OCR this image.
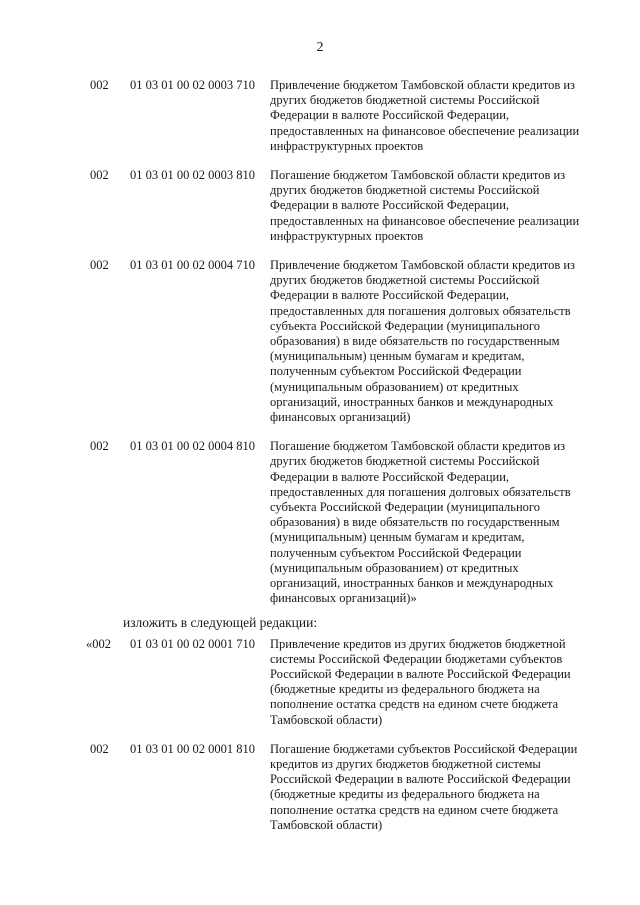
2
002 01 03 01 00 02 0003 710	Привлечение бюджетом Тамбовской области кредитов из
других бюджетов бюджетной системы Российской
Федерации в валюте Российской Федерации,
предоставленных на финансовое обеспечение реализации
инфраструктурных проектов
002 01 03 01 00 02 0003 810	Погашение бюджетом Тамбовской области кредитов из
других бюджетов бюджетной системы Российской
Федерации в валюте Российской Федерации,
предоставленных на финансовое обеспечение реализации
инфраструктурных проектов
002 01 03 01 00 02 0004 710	Привлечение бюджетом Тамбовской области кредитов из
других бюджетов бюджетной системы Российской
Федерации в валюте Российской Федерации,
предоставленных для погашения долговых обязательств
субъекта Российской Федерации (муниципального
образования) в виде обязательств по государственным
(муниципальным) ценным бумагам и кредитам,
полученным субъектом Российской Федерации
(муниципальным образованием) от кредитных
организаций, иностранных банков и международных
финансовых организаций)
002 01 03 01 00 02 0004 810	Погашение бюджетом Тамбовской области кредитов из
других бюджетов бюджетной системы Российской
Федерации в валюте Российской Федерации,
предоставленных для погашения долговых обязательств
субъекта Российской Федерации (муниципального
образования) в виде обязательств по государственным
(муниципальным) ценным бумагам и кредитам,
полученным субъектом Российской Федерации
(муниципальным образованием) от кредитных
организаций, иностранных банков и международных
финансовых организаций)»
изложить в следующей редакции:
«002 01 03 01 00 02 0001 710	Привлечение кредитов из других бюджетов бюджетной
системы Российской Федерации бюджетами субъектов
Российской Федерации в валюте Российской Федерации
(бюджетные кредиты из федерального бюджета на
пополнение остатка средств на едином счете бюджета
Тамбовской области)
002 01 03 01 00 02 0001 810	Погашение бюджетами субъектов Российской Федерации
кредитов из других бюджетов бюджетной системы
Российской Федерации в валюте Российской Федерации
(бюджетные кредиты из федерального бюджета на
пополнение остатка средств на едином счете бюджета
Тамбовской области)
